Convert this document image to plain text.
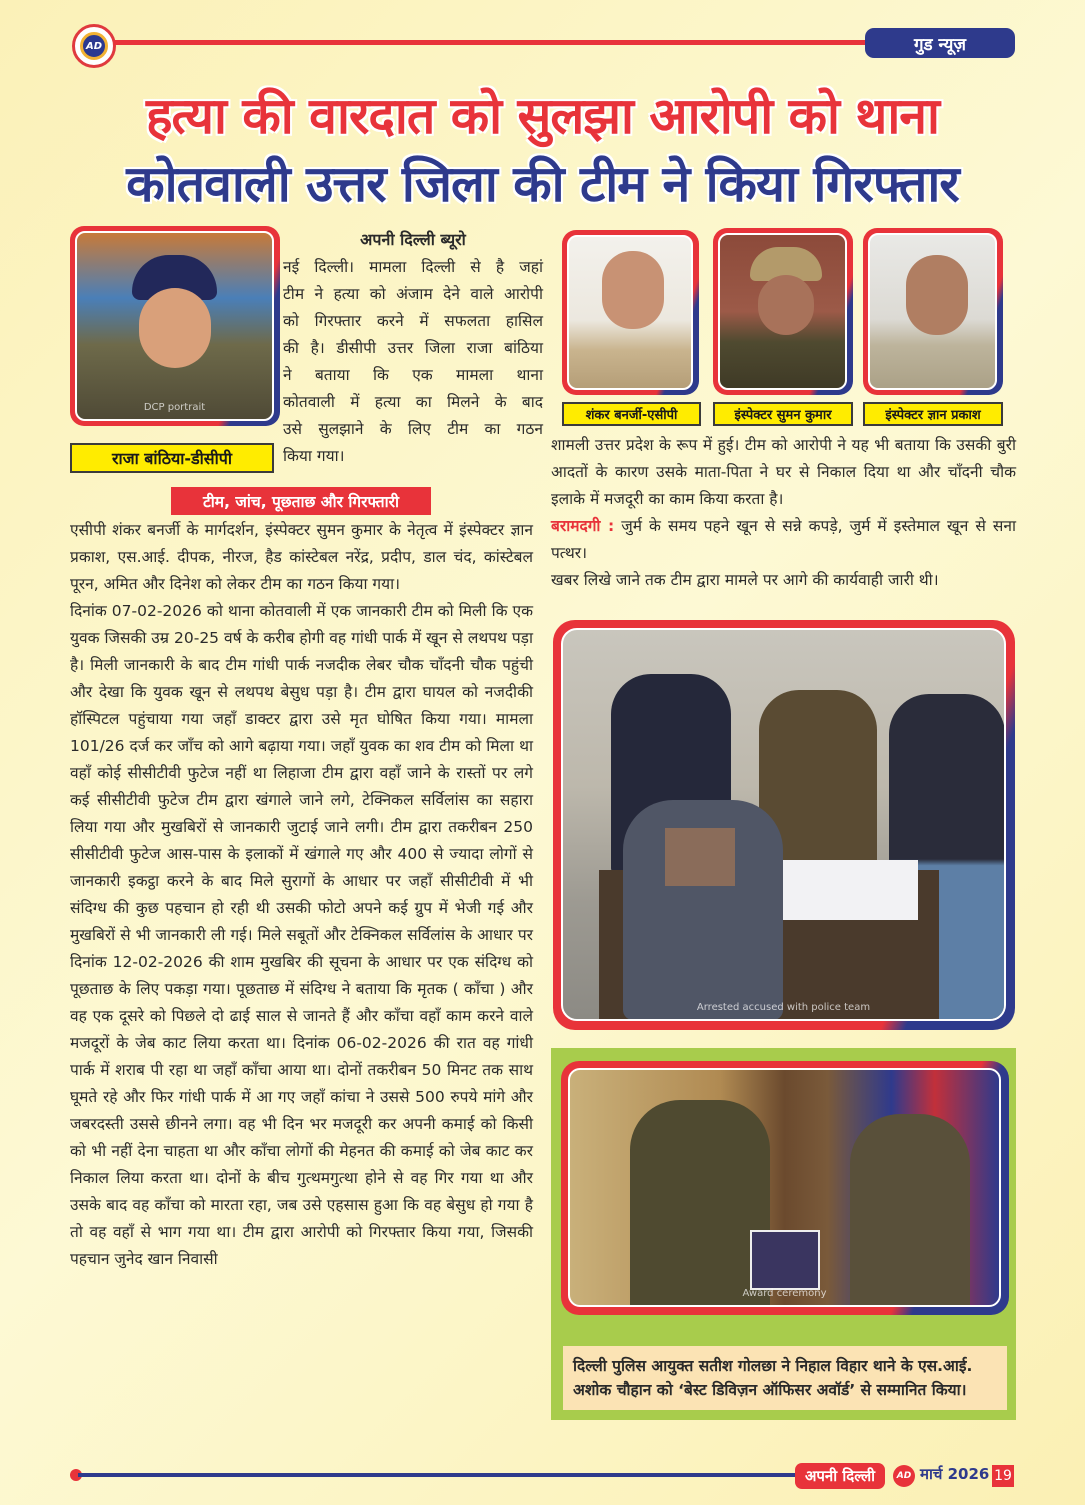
AD	गुड न्यूज़
हत्या की वारदात को सुलझा आरोपी को थाना
कोतवाली उत्तर जिला की टीम ने किया गिरफ्तार
DCP portrait
राजा बांठिया-डीसीपी
अपनी दिल्ली ब्यूरो
नई दिल्ली। मामला दिल्ली से है जहां
टीम ने हत्या को अंजाम देने वाले आरोपी
को गिरफ्तार करने में सफलता हासिल
की है। डीसीपी उत्तर जिला राजा बांठिया
ने बताया कि एक मामला थाना
कोतवाली में हत्या का मिलने के बाद
उसे सुलझाने के लिए टीम का गठन
किया गया।
टीम, जांच, पूछताछ और गिरफ्तारी

एसीपी शंकर बनर्जी के मार्गदर्शन, इंस्पेक्टर सुमन कुमार के नेतृत्व में इंस्पेक्टर ज्ञान प्रकाश, एस.आई. दीपक, नीरज, हैड कांस्टेबल नरेंद्र, प्रदीप, डाल चंद, कांस्टेबल पूरन, अमित और दिनेश को लेकर टीम का गठन किया गया।

दिनांक 07-02-2026 को थाना कोतवाली में एक जानकारी टीम को मिली कि एक युवक जिसकी उम्र 20-25 वर्ष के करीब होगी वह गांधी पार्क में खून से लथपथ पड़ा है। मिली जानकारी के बाद टीम गांधी पार्क नजदीक लेबर चौक चाँदनी चौक पहुंची और देखा कि युवक खून से लथपथ बेसुध पड़ा है। टीम द्वारा घायल को नजदीकी हॉस्पिटल पहुंचाया गया जहाँ डाक्टर द्वारा उसे मृत घोषित किया गया। मामला 101/26 दर्ज कर जाँच को आगे बढ़ाया गया। जहाँ युवक का शव टीम को मिला था वहाँ कोई सीसीटीवी फुटेज नहीं था लिहाजा टीम द्वारा वहाँ जाने के रास्तों पर लगे कई सीसीटीवी फुटेज टीम द्वारा खंगाले जाने लगे, टेक्निकल सर्विलांस का सहारा लिया गया और मुखबिरों से जानकारी जुटाई जाने लगी। टीम द्वारा तकरीबन 250 सीसीटीवी फुटेज आस-पास के इलाकों में खंगाले गए और 400 से ज्यादा लोगों से जानकारी इकट्ठा करने के बाद मिले सुरागों के आधार पर जहाँ सीसीटीवी में भी संदिग्ध की कुछ पहचान हो रही थी उसकी फोटो अपने कई ग्रुप में भेजी गई और मुखबिरों से भी जानकारी ली गई। मिले सबूतों और टेक्निकल सर्विलांस के आधार पर दिनांक 12-02-2026 की शाम मुखबिर की सूचना के आधार पर एक संदिग्ध को पूछताछ के लिए पकड़ा गया। पूछताछ में संदिग्ध ने बताया कि मृतक ( काँचा ) और वह एक दूसरे को पिछले दो ढाई साल से जानते हैं और काँचा वहाँ काम करने वाले मजदूरों के जेब काट लिया करता था। दिनांक 06-02-2026 की रात वह गांधी पार्क में शराब पी रहा था जहाँ काँचा आया था। दोनों तकरीबन 50 मिनट तक साथ घूमते रहे और फिर गांधी पार्क में आ गए जहाँ कांचा ने उससे 500 रुपये मांगे और जबरदस्ती उससे छीनने लगा। वह भी दिन भर मजदूरी कर अपनी कमाई को किसी को भी नहीं देना चाहता था और काँचा लोगों की मेहनत की कमाई को जेब काट कर निकाल लिया करता था। दोनों के बीच गुत्थमगुत्था होने से वह गिर गया था और उसके बाद वह काँचा को मारता रहा, जब उसे एहसास हुआ कि वह बेसुध हो गया है तो वह वहाँ से भाग गया था। टीम द्वारा आरोपी को गिरफ्तार किया गया, जिसकी पहचान जुनेद खान निवासी

शंकर बनर्जी-एसीपी	इंस्पेक्टर सुमन कुमार	इंस्पेक्टर ज्ञान प्रकाश

शामली उत्तर प्रदेश के रूप में हुई। टीम को आरोपी ने यह भी बताया कि उसकी बुरी आदतों के कारण उसके माता-पिता ने घर से निकाल दिया था और चाँदनी चौक इलाके में मजदूरी का काम किया करता है।

बरामदगी : जुर्म के समय पहने खून से सन्ने कपड़े, जुर्म में इस्तेमाल खून से सना पत्थर।

खबर लिखे जाने तक टीम द्वारा मामले पर आगे की कार्यवाही जारी थी।

Arrested accused with police team
Award ceremony
दिल्ली पुलिस आयुक्त सतीश गोलछा ने निहाल विहार थाने के एस.आई. अशोक चौहान को ‘बेस्ट डिविज़न ऑफिसर अवॉर्ड’ से सम्मानित किया।
अपनी दिल्ली	AD मार्च 2026 19
